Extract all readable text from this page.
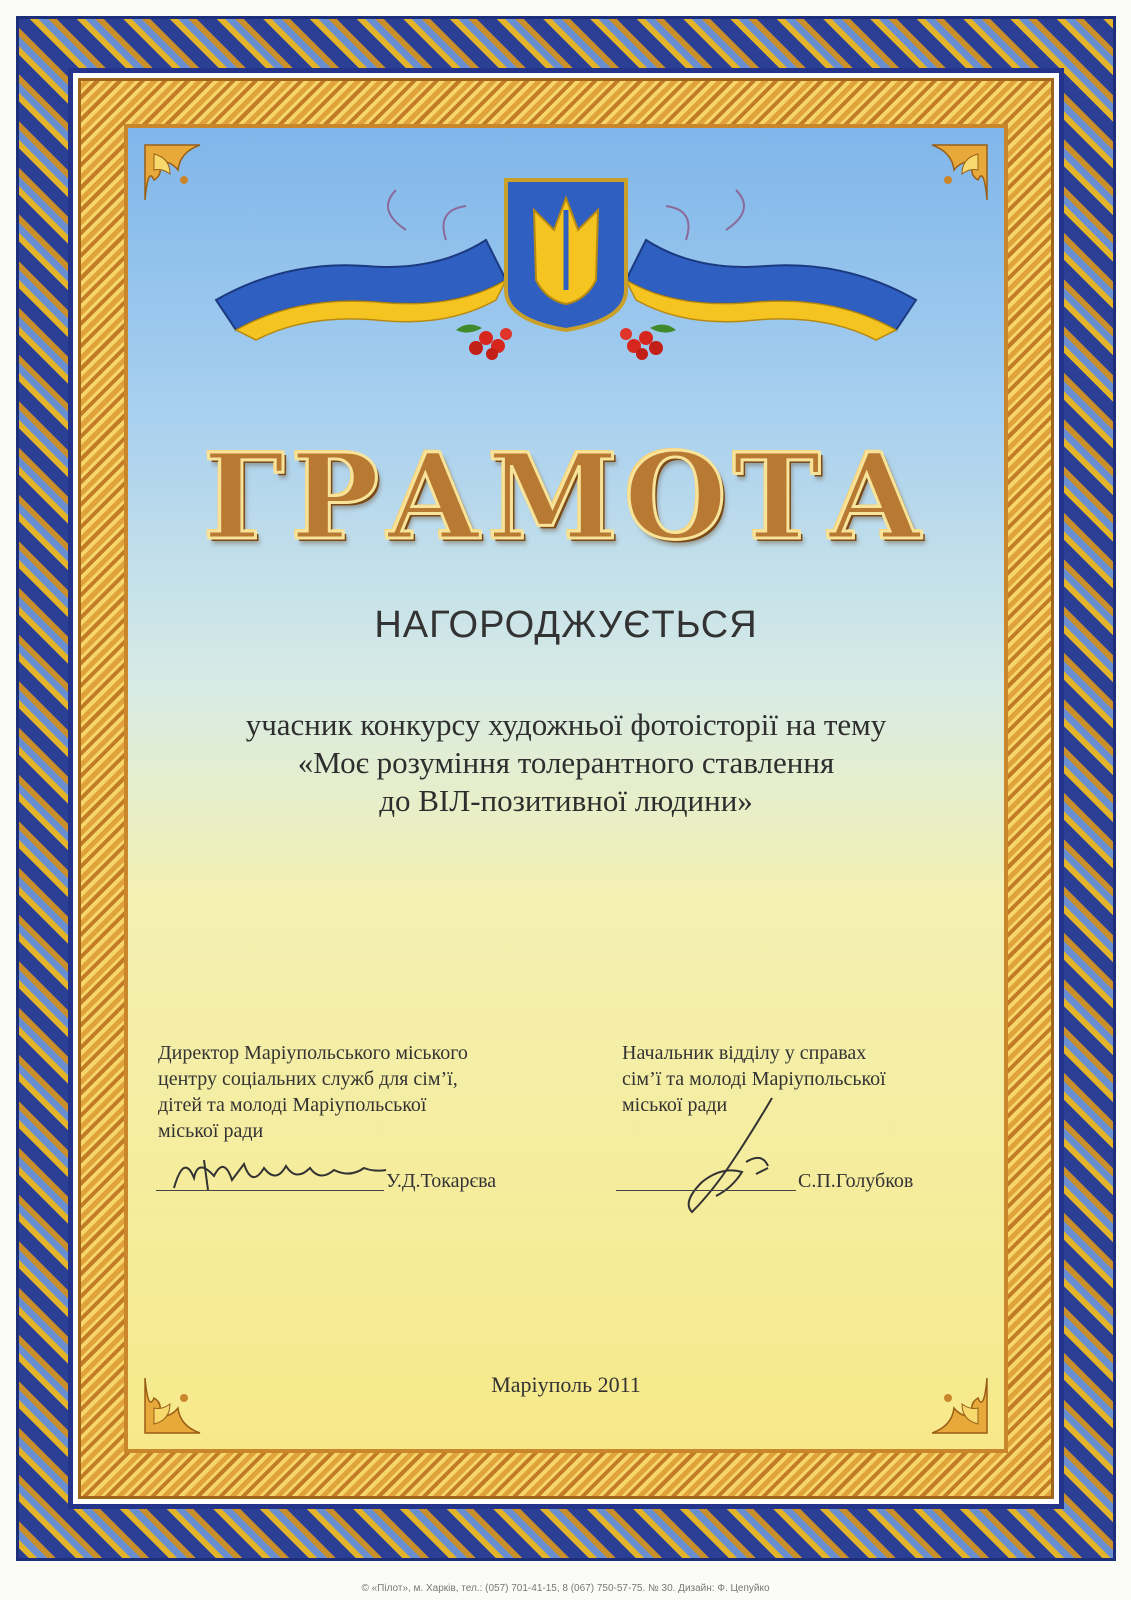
ГРАМОТА
НАГОРОДЖУЄТЬСЯ
учасник конкурсу художньої фотоісторії на тему
«Моє розуміння толерантного ставлення
до ВІЛ-позитивної людини»
Директор Маріупольського міського
центру соціальних служб для сім’ї,
дітей та молоді Маріупольської
міської ради
У.Д.Токарєва
Начальник відділу у справах
сім’ї та молоді Маріупольської
міської ради
С.П.Голубков
Маріуполь 2011
© «Пілот», м. Харків, тел.: (057) 701-41-15, 8 (067) 750-57-75. № 30. Дизайн: Ф. Цепуйко
